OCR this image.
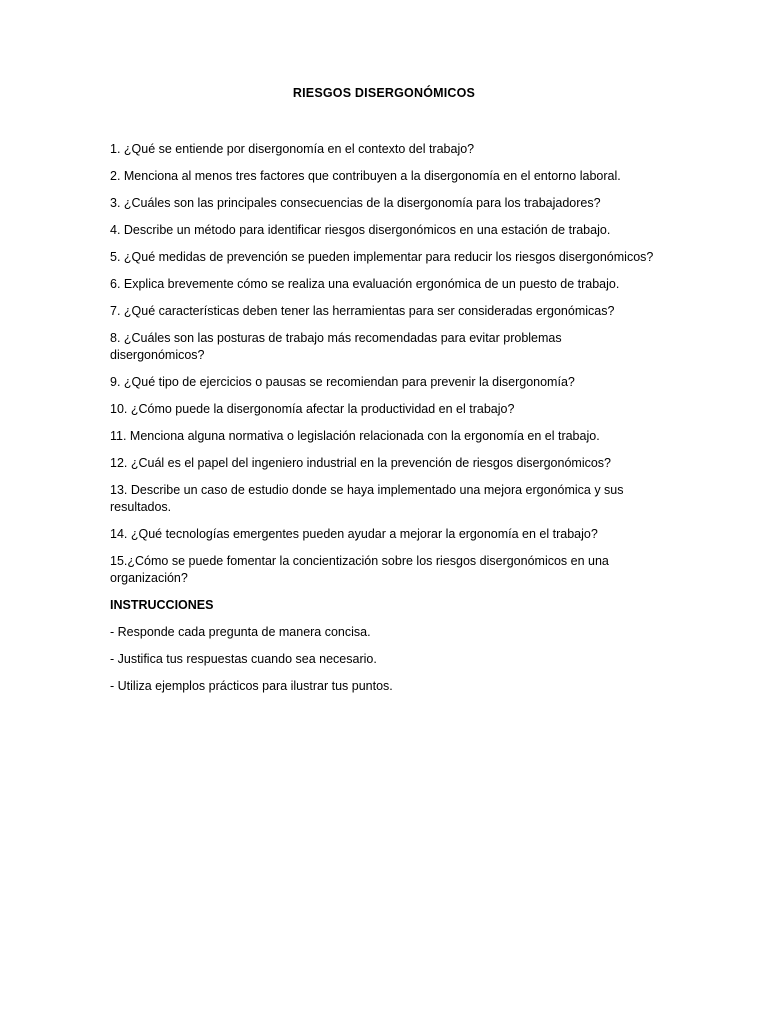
RIESGOS DISERGONÓMICOS

1. ¿Qué se entiende por disergonomía en el contexto del trabajo?

2. Menciona al menos tres factores que contribuyen a la disergonomía en el entorno laboral.

3. ¿Cuáles son las principales consecuencias de la disergonomía para los trabajadores?

4. Describe un método para identificar riesgos disergonómicos en una estación de trabajo.

5. ¿Qué medidas de prevención se pueden implementar para reducir los riesgos disergonómicos?

6. Explica brevemente cómo se realiza una evaluación ergonómica de un puesto de trabajo.

7. ¿Qué características deben tener las herramientas para ser consideradas ergonómicas?

8. ¿Cuáles son las posturas de trabajo más recomendadas para evitar problemas disergonómicos?

9. ¿Qué tipo de ejercicios o pausas se recomiendan para prevenir la disergonomía?

10. ¿Cómo puede la disergonomía afectar la productividad en el trabajo?

11. Menciona alguna normativa o legislación relacionada con la ergonomía en el trabajo.

12. ¿Cuál es el papel del ingeniero industrial en la prevención de riesgos disergonómicos?

13. Describe un caso de estudio donde se haya implementado una mejora ergonómica y sus resultados.

14. ¿Qué tecnologías emergentes pueden ayudar a mejorar la ergonomía en el trabajo?

15.¿Cómo se puede fomentar la concientización sobre los riesgos disergonómicos en una organización?

INSTRUCCIONES

- Responde cada pregunta de manera concisa.

- Justifica tus respuestas cuando sea necesario.

- Utiliza ejemplos prácticos para ilustrar tus puntos.
